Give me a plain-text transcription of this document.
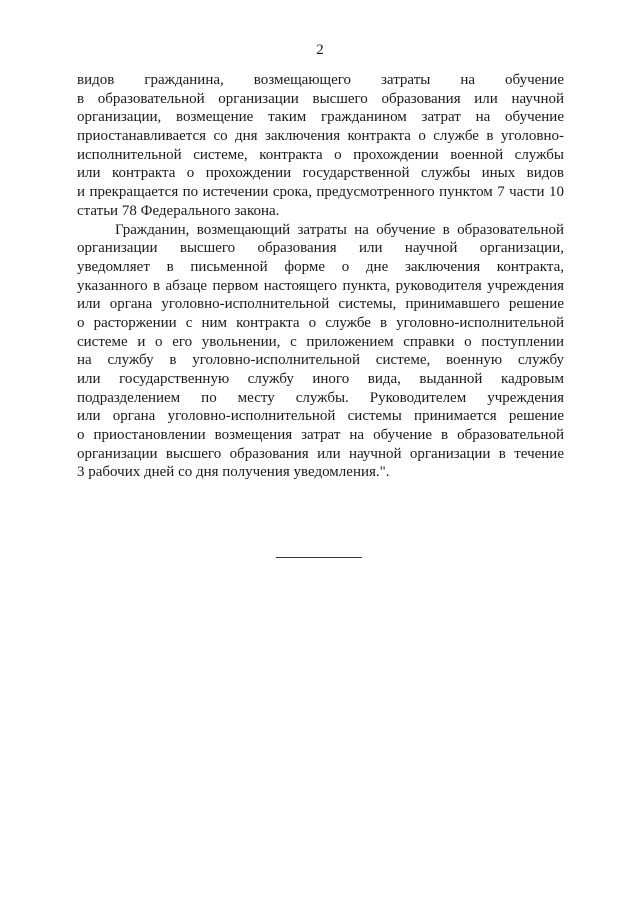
2
видов гражданина, возмещающего затраты на обучение
в образовательной организации высшего образования или научной
организации, возмещение таким гражданином затрат на обучение
приостанавливается со дня заключения контракта о службе в уголовно-
исполнительной системе, контракта о прохождении военной службы
или контракта о прохождении государственной службы иных видов
и прекращается по истечении срока, предусмотренного пунктом 7 части 10
статьи 78 Федерального закона.
Гражданин, возмещающий затраты на обучение в образовательной
организации высшего образования или научной организации,
уведомляет в письменной форме о дне заключения контракта,
указанного в абзаце первом настоящего пункта, руководителя учреждения
или органа уголовно-исполнительной системы, принимавшего решение
о расторжении с ним контракта о службе в уголовно-исполнительной
системе и о его увольнении, с приложением справки о поступлении
на службу в уголовно-исполнительной системе, военную службу
или государственную службу иного вида, выданной кадровым
подразделением по месту службы. Руководителем учреждения
или органа уголовно-исполнительной системы принимается решение
о приостановлении возмещения затрат на обучение в образовательной
организации высшего образования или научной организации в течение
3 рабочих дней со дня получения уведомления.".
